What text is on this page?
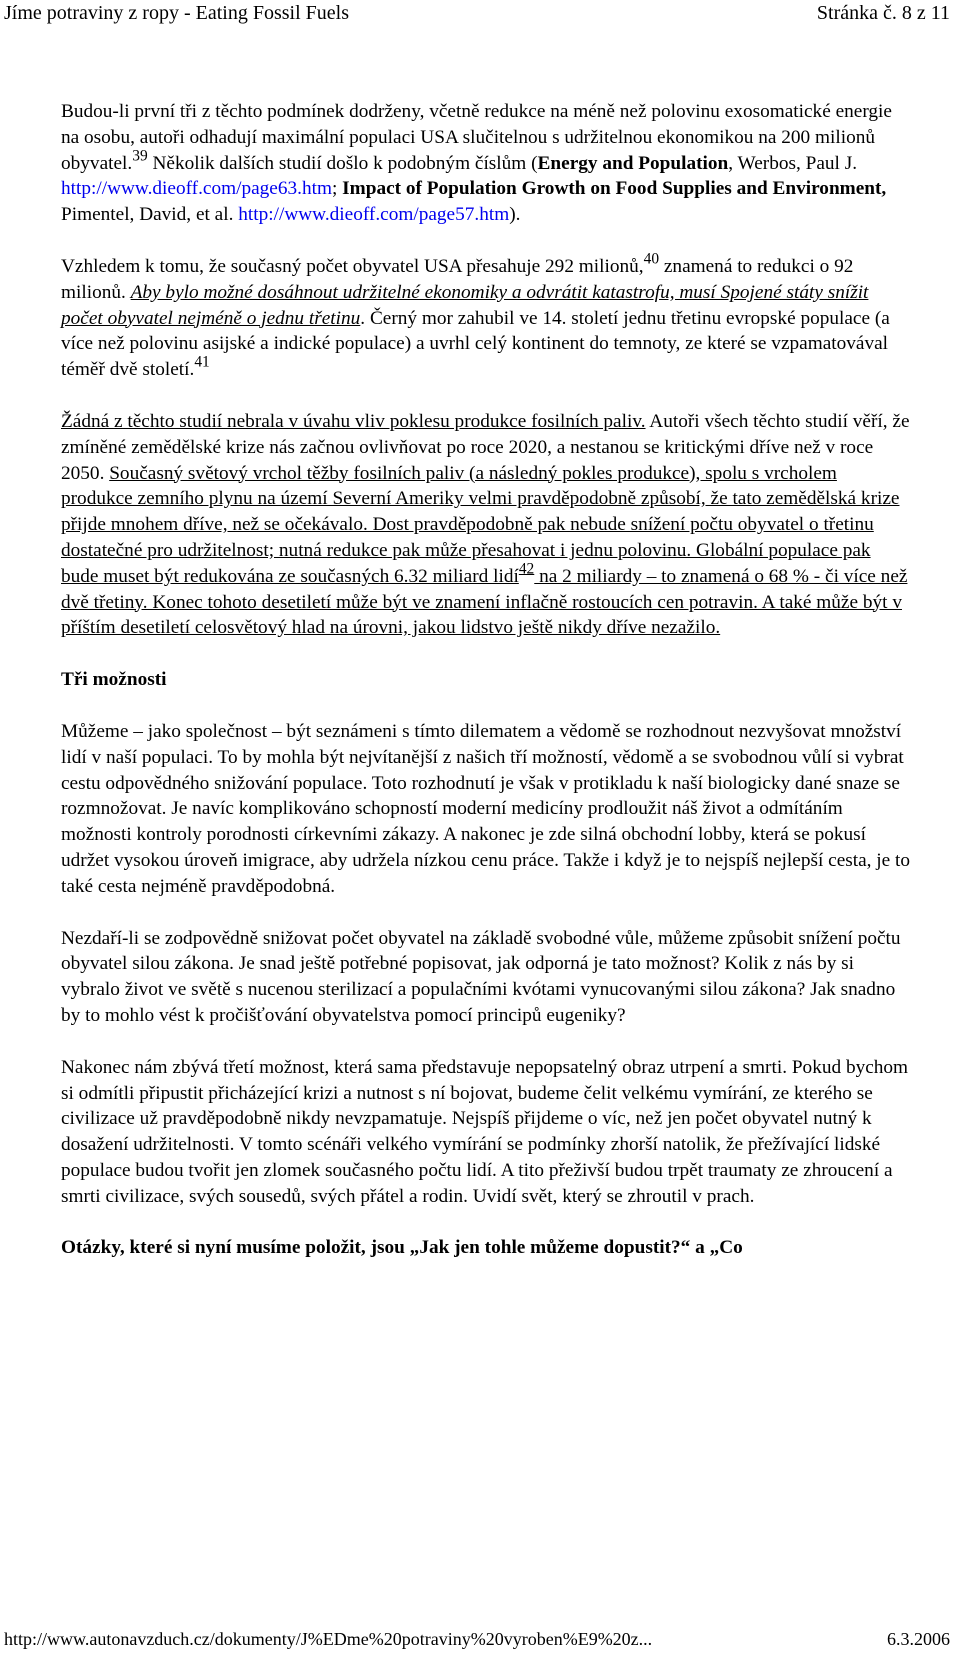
Jíme potraviny z ropy - Eating Fossil Fuels	Stránka č. 8 z 11

Budou-li první tři z těchto podmínek dodrženy, včetně redukce na méně než polovinu exosomatické energie na osobu, autoři odhadují maximální populaci USA slučitelnou s udržitelnou ekonomikou na 200 milionů obyvatel.$^{39}$ Několik dalších studií došlo k podobným číslům (Energy and Population, Werbos, Paul J. http://www.dieoff.com/page63.htm; Impact of Population Growth on Food Supplies and Environment, Pimentel, David, et al. http://www.dieoff.com/page57.htm).

Vzhledem k tomu, že současný počet obyvatel USA přesahuje 292 milionů,$^{40}$ znamená to redukci o 92 milionů. Aby bylo možné dosáhnout udržitelné ekonomiky a odvrátit katastrofu, musí Spojené státy snížit počet obyvatel nejméně o jednu třetinu. Černý mor zahubil ve 14. století jednu třetinu evropské populace (a více než polovinu asijské a indické populace) a uvrhl celý kontinent do temnoty, ze které se vzpamatovával téměř dvě století.$^{41}$

Žádná z těchto studií nebrala v úvahu vliv poklesu produkce fosilních paliv. Autoři všech těchto studií věří, že zmíněné zemědělské krize nás začnou ovlivňovat po roce 2020, a nestanou se kritickými dříve než v roce 2050. Současný světový vrchol těžby fosilních paliv (a následný pokles produkce), spolu s vrcholem produkce zemního plynu na území Severní Ameriky velmi pravděpodobně způsobí, že tato zemědělská krize přijde mnohem dříve, než se očekávalo. Dost pravděpodobně pak nebude snížení počtu obyvatel o třetinu dostatečné pro udržitelnost; nutná redukce pak může přesahovat i jednu polovinu. Globální populace pak bude muset být redukována ze současných 6.32 miliard lidí$^{42}$ na 2 miliardy – to znamená o 68 % - či více než dvě třetiny. Konec tohoto desetiletí může být ve znamení inflačně rostoucích cen potravin. A také může být v příštím desetiletí celosvětový hlad na úrovni, jakou lidstvo ještě nikdy dříve nezažilo.

Tři možnosti

Můžeme – jako společnost – být seznámeni s tímto dilematem a vědomě se rozhodnout nezvyšovat množství lidí v naší populaci. To by mohla být nejvítanější z našich tří možností, vědomě a se svobodnou vůlí si vybrat cestu odpovědného snižování populace. Toto rozhodnutí je však v protikladu k naší biologicky dané snaze se rozmnožovat. Je navíc komplikováno schopností moderní medicíny prodloužit náš život a odmítáním možnosti kontroly porodnosti církevními zákazy. A nakonec je zde silná obchodní lobby, která se pokusí udržet vysokou úroveň imigrace, aby udržela nízkou cenu práce. Takže i když je to nejspíš nejlepší cesta, je to také cesta nejméně pravděpodobná.

Nezdaří-li se zodpovědně snižovat počet obyvatel na základě svobodné vůle, můžeme způsobit snížení počtu obyvatel silou zákona. Je snad ještě potřebné popisovat, jak odporná je tato možnost? Kolik z nás by si vybralo život ve světě s nucenou sterilizací a populačními kvótami vynucovanými silou zákona? Jak snadno by to mohlo vést k pročišťování obyvatelstva pomocí principů eugeniky?

Nakonec nám zbývá třetí možnost, která sama představuje nepopsatelný obraz utrpení a smrti. Pokud bychom si odmítli připustit přicházející krizi a nutnost s ní bojovat, budeme čelit velkému vymírání, ze kterého se civilizace už pravděpodobně nikdy nevzpamatuje. Nejspíš přijdeme o víc, než jen počet obyvatel nutný k dosažení udržitelnosti. V tomto scénáři velkého vymírání se podmínky zhorší natolik, že přežívající lidské populace budou tvořit jen zlomek současného počtu lidí. A tito přeživší budou trpět traumaty ze zhroucení a smrti civilizace, svých sousedů, svých přátel a rodin. Uvidí svět, který se zhroutil v prach.

Otázky, které si nyní musíme položit, jsou „Jak jen tohle můžeme dopustit?“ a „Co

http://www.autonavzduch.cz/dokumenty/J%EDme%20potraviny%20vyroben%E9%20z...	6.3.2006
